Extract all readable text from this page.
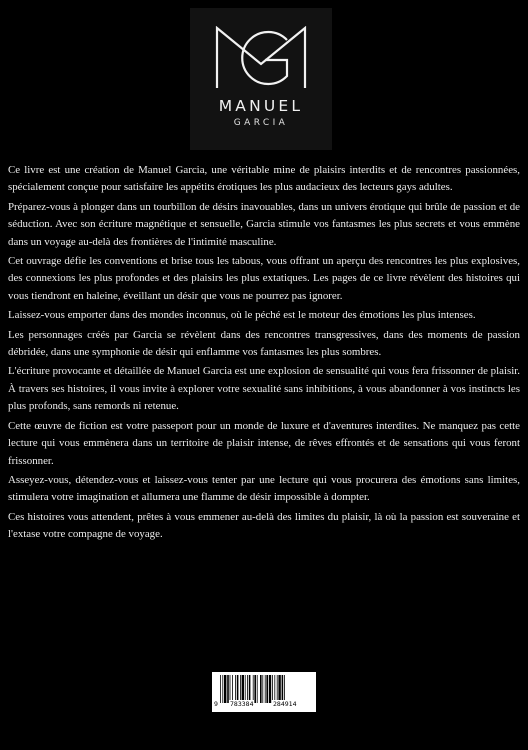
MANUEL
GARCIA

Ce livre est une création de Manuel Garcia, une véritable mine de plaisirs interdits et de rencontres passionnées, spécialement conçue pour satisfaire les appétits érotiques les plus audacieux des lecteurs gays adultes.

Préparez-vous à plonger dans un tourbillon de désirs inavouables, dans un univers érotique qui brûle de passion et de séduction. Avec son écriture magnétique et sensuelle, Garcia stimule vos fantasmes les plus secrets et vous emmène dans un voyage au-delà des frontières de l'intimité masculine.

Cet ouvrage défie les conventions et brise tous les tabous, vous offrant un aperçu des rencontres les plus explosives, des connexions les plus profondes et des plaisirs les plus extatiques. Les pages de ce livre révèlent des histoires qui vous tiendront en haleine, éveillant un désir que vous ne pourrez pas ignorer.

Laissez-vous emporter dans des mondes inconnus, où le péché est le moteur des émotions les plus intenses.

Les personnages créés par Garcia se révèlent dans des rencontres transgressives, dans des moments de passion débridée, dans une symphonie de désir qui enflamme vos fantasmes les plus sombres.

L'écriture provocante et détaillée de Manuel Garcia est une explosion de sensualité qui vous fera frissonner de plaisir. À travers ses histoires, il vous invite à explorer votre sexualité sans inhibitions, à vous abandonner à vos instincts les plus profonds, sans remords ni retenue.

Cette œuvre de fiction est votre passeport pour un monde de luxure et d'aventures interdites. Ne manquez pas cette lecture qui vous emmènera dans un territoire de plaisir intense, de rêves effrontés et de sensations qui vous feront frissonner.

Asseyez-vous, détendez-vous et laissez-vous tenter par une lecture qui vous procurera des émotions sans limites, stimulera votre imagination et allumera une flamme de désir impossible à dompter.

Ces histoires vous attendent, prêtes à vous emmener au-delà des limites du plaisir, là où la passion est souveraine et l'extase votre compagne de voyage.

9 783384	284914
